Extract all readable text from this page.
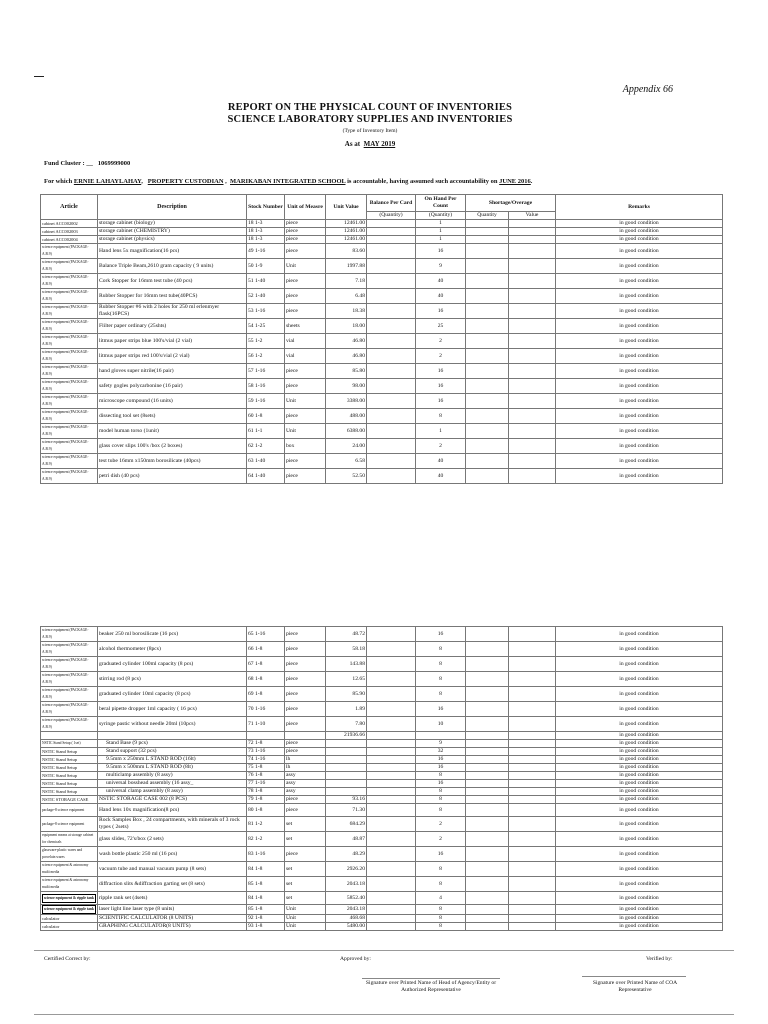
Appendix 66
REPORT ON THE PHYSICAL COUNT OF INVENTORIES
SCIENCE LABORATORY SUPPLIES AND INVENTORIES
(Type of Inventory Item)
As at MAY 2019
Fund Cluster : __ 1069999000
For which ERNIE LAHAYLAHAY, PROPERTY CUSTODIAN , MARIKABAN INTEGRATED SCHOOL is accountable, having assumed such accountability on JUNE 2016.
Article	Description	Stock Number	Unit of Measre	Unit Value	Balance Per Card	On Hand Per Count	Shortage/Overage		Remarks
					(Quantity)	(Quantity)	Quantity	Value	
cabinet ACC002002	storage cabinet (biology)	18 1-3	piece	12461.00		1			in good condition
cabinet ACC002003	storage cabinet (CHEMISTRY)	18 1-3	piece	12461.00		1			in good condition
cabinet ACC002004	storage cabinet (physics)	18 1-3	piece	12461.00		1			in good condition
science equipment (PACKAGE-A.B.9)	Hand lens 5x magnification(16 pcs)	49 1-16	piece	83.60		16			in good condition
science equipment (PACKAGE-A.B.9)	Balance Triple Beam,2610 gram capacity ( 9 units)	50 1-9	Unit	1997.88		9			in good condition
science equipment (PACKAGE-A.B.9)	Cork Stopper for 16mm test tube (40 pcs)	51 1-40	piece	7.18		40			in good condition
science equipment (PACKAGE-A.B.9)	Rubber Stopper for 16mm test tube(40PCS)	52 1-40	piece	6.48		40			in good condition
science equipment (PACKAGE-A.B.9)	Rubber Stopper #6 with 2 holes for 250 ml erlenmyer flask(16PCS)	53 1-16	piece	18.38		16			in good condition
science equipment (PACKAGE-A.B.9)	Flilter paper ordinary (25shts)	54 1-25	sheets	18.00		25			in good condition
science equipment (PACKAGE-A.B.9)	litmus paper strips blue 100's/vial (2 vial)	55 1-2	vial	46.80		2			in good condition
science equipment (PACKAGE-A.B.9)	litmus paper strips red 100's/vial (2 vial)	56 1-2	vial	46.80		2			in good condition
science equipment (PACKAGE-A.B.9)	hand gloves super nitrile(16 pair)	57 1-16	piece	85.80		16			in good condition
science equipment (PACKAGE-A.B.9)	safety gogles polycarbonine (16 pair)	58 1-16	piece	98.00		16			in good condition
science equipment (PACKAGE-A.B.9)	microscope compound (16 units)	59 1-16	Unit	3388.00		16			in good condition
science equipment (PACKAGE-A.B.9)	dissecting tool set (8sets)	60 1-8	piece	488.00		8			in good condition
science equipment (PACKAGE-A.B.9)	model human torso (1unit)	61 1-1	Unit	6388.00		1			in good condition
science equipment (PACKAGE-A.B.9)	glass cover slips 100's /box (2 boxes)	62 1-2	box	24.00		2			in good condition
science equipment (PACKAGE-A.B.9)	test tube 16mm x150mm borosilicate (40pcs)	63 1-40	piece	6.58		40			in good condition
science equipment (PACKAGE-A.B.9)	petri dish (40 pcs)	64 1-40	piece	52.50		40			in good condition
science equipment (PACKAGE-A.B.9)	beaker 250 ml borosilicate (16 pcs)	65 1-16	piece	48.72		16			in good condition
science equipment (PACKAGE-A.B.9)	alcohol thermometer (8pcs)	66 1-8	piece	58.18		8			in good condition
science equipment (PACKAGE-A.B.9)	graduated cylinder 100ml capacity (8 pcs)	67 1-8	piece	143.88		8			in good condition
science equipment (PACKAGE-A.B.9)	stirring rod (8 pcs)	68 1-8	piece	12.65		8			in good condition
science equipment (PACKAGE-A.B.9)	graduated cylinder 10ml capacity (8 pcs)	69 1-8	piece	85.90		8			in good condition
science equipment (PACKAGE-A.B.9)	beral pipette dropper 1ml capacity ( 16 pcs)	70 1-16	piece	1.89		16			in good condition
science equipment (PACKAGE-A.B.9)	syringe pastic without needle 20ml (10pcs)	71 1-10	piece	7.80		10			in good condition
				21936.66					in good condition
NSTIC Stand Setup ( 1set)	Stand Base (9 pcs)	72 1-8	piece			9			in good condition
NSTIC Stand Setup	Stand support (32 pcs)	73 1-16	piece			32			in good condition
NSTIC Stand Setup	9.5mm x 250mm L STAND ROD (16lt)	74 1-16	lh			16			in good condition
NSTIC Stand Setup	9.5mm x 500mm L STAND ROD (8lt)	75 1-8	lh			16			in good condition
NSTIC Stand Setup	multiclamp assembly (8 assy)	76 1-8	assy			8			in good condition
NSTIC Stand Setup	universal bosshead assembly (16 assy_	77 1-16	assy			16			in good condition
NSTIC Stand Setup	universal clamp assembly (8 assy)	78 1-8	assy			8			in good condition
NSTIC STORAGE CASE	NSTIC STORAGE CASE 002 (8 PCS)	79 1-8	piece	93.16		8			in good condition
package-8 science equipment	Hand lens 10x magnification(8 pcs)	80 1-8	piece	71.30		8			in good condition
package-8 science equipment	Rock Samples Box , 24 compartments, with minerals of 3 rock types ( 2sets)	81 1-2	set	684.29		2			in good condition
equipment means at storage cabinet for chemicals	glass slides, 72's/box (2 sets)	82 1-2	set	48.87		2			in good condition
glassware-plastic wares and porcelain wares	wash bottle plastic 250 ml (16 pcs)	83 1-16	piece	48.29		16			in good condition
science equipment & astronomy multi media	vacuum tube and manual vacuum pump (8 sets)	84 1-8	set	2926.20		8			in good condition
science equipment & astronomy multi media	diffraction slits &diffraction garting set (8 sets)	85 1-8	set	2043.18		8			in good condition
science equipment & ripple tank	ripple rank set (4sets)	84 1-8	set	5852.40		4			in good condition
science equipment & ripple tank	laser light line laser type (8 units)	85 1-8	Unit	2043.18		8			in good condition
calculator	SCIENTIFIC CALCULATOR (8 UNITS)	92 1-8	Unit	468.68		8			in good condition
calculator	GRAPHING CALCULATOR(8 UNITS)	93 1-8	Unit	5480.00		8			in good condition
Certified Correct by:	Approved by:	Verified by:
Signature over Printed Name of Head of Agency/Entity or Authorized Representative
Signature over Printed Name of COA Representative
